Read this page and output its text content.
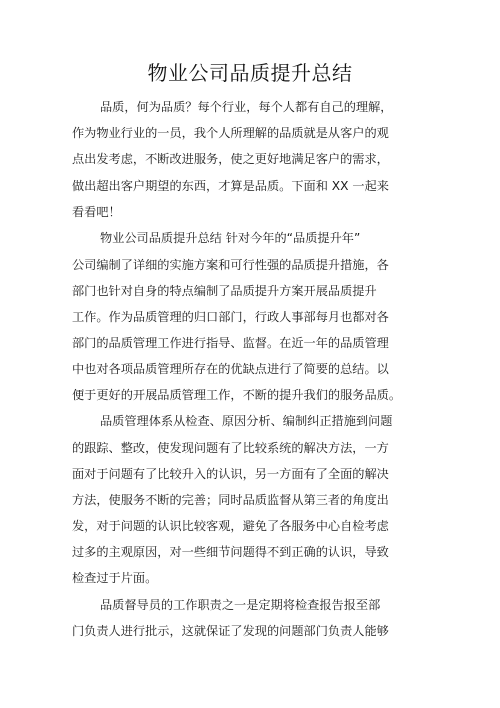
物业公司品质提升总结
品质，何为品质？每个行业，每个人都有自己的理解，
作为物业行业的一员，我个人所理解的品质就是从客户的观
点出发考虑，不断改进服务，使之更好地满足客户的需求，
做出超出客户期望的东西，才算是品质。下面和 XX 一起来
看看吧！
物业公司品质提升总结 针对今年的“品质提升年”
公司编制了详细的实施方案和可行性强的品质提升措施，各
部门也针对自身的特点编制了品质提升方案开展品质提升
工作。作为品质管理的归口部门，行政人事部每月也都对各
部门的品质管理工作进行指导、监督。在近一年的品质管理
中也对各项品质管理所存在的优缺点进行了简要的总结。以
便于更好的开展品质管理工作，不断的提升我们的服务品质。
品质管理体系从检查、原因分析、编制纠正措施到问题
的跟踪、整改，使发现问题有了比较系统的解决方法，一方
面对于问题有了比较升入的认识，另一方面有了全面的解决
方法，使服务不断的完善；同时品质监督从第三者的角度出
发，对于问题的认识比较客观，避免了各服务中心自检考虑
过多的主观原因，对一些细节问题得不到正确的认识，导致
检查过于片面。
品质督导员的工作职责之一是定期将检查报告报至部
门负责人进行批示，这就保证了发现的问题部门负责人能够
